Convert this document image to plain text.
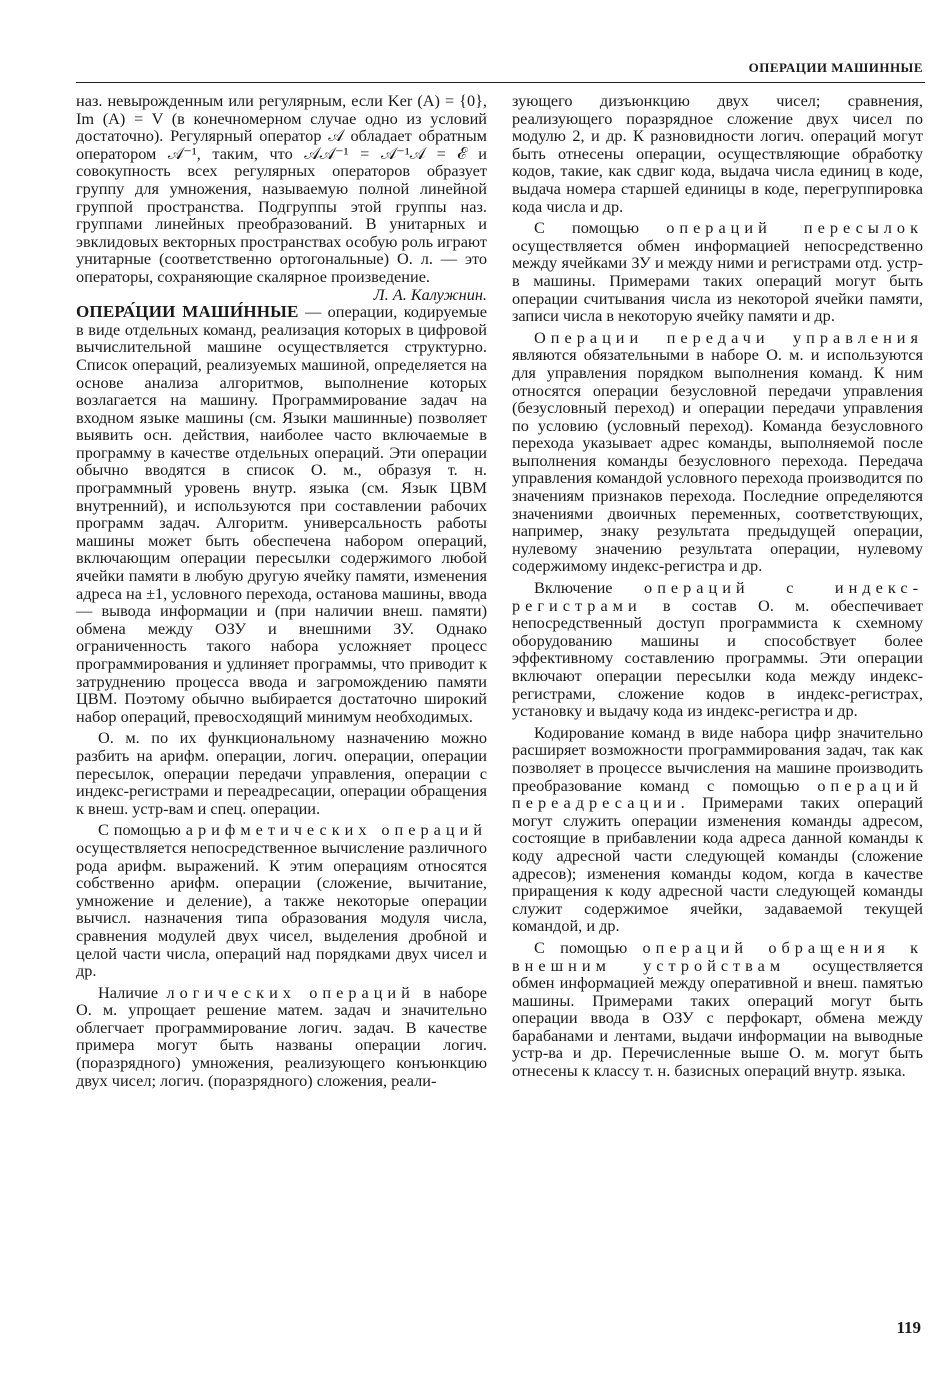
ОПЕРАЦИИ МАШИННЫЕ

наз. невырожденным или регулярным, если Ker (A) = {0}, Im (A) = V (в конечномерном случае одно из условий достаточно). Регулярный оператор 𝒜 обладает обратным оператором 𝒜⁻¹, таким, что 𝒜𝒜⁻¹ = 𝒜⁻¹𝒜 = ℰ и совокупность всех регулярных операторов образует группу для умножения, называемую полной линейной группой пространства. Подгруппы этой группы наз. группами линейных преобразований. В унитарных и эвклидовых векторных пространствах особую роль играют унитарные (соответственно ортогональные) О. л. — это операторы, сохраняющие скалярное произведение.
Л. А. Калужнин.

ОПЕРА́ЦИИ МАШИ́ННЫЕ — операции, кодируемые в виде отдельных команд, реализация которых в цифровой вычислительной машине осуществляется структурно. Список операций, реализуемых машиной, определяется на основе анализа алгоритмов, выполнение которых возлагается на машину. Программирование задач на входном языке машины (см. Языки машинные) позволяет выявить осн. действия, наиболее часто включаемые в программу в качестве отдельных операций. Эти операции обычно вводятся в список О. м., образуя т. н. программный уровень внутр. языка (см. Язык ЦВМ внутренний), и используются при составлении рабочих программ задач. Алгоритм. универсальность работы машины может быть обеспечена набором операций, включающим операции пересылки содержимого любой ячейки памяти в любую другую ячейку памяти, изменения адреса на ±1, условного перехода, останова машины, ввода — вывода информации и (при наличии внеш. памяти) обмена между ОЗУ и внешними ЗУ. Однако ограниченность такого набора усложняет процесс программирования и удлиняет программы, что приводит к затруднению процесса ввода и загромождению памяти ЦВМ. Поэтому обычно выбирается достаточно широкий набор операций, превосходящий минимум необходимых.

О. м. по их функциональному назначению можно разбить на арифм. операции, логич. операции, операции пересылок, операции передачи управления, операции с индекс-регистрами и переадресации, операции обращения к внеш. устр-вам и спец. операции.

С помощью арифметических операций осуществляется непосредственное вычисление различного рода арифм. выражений. К этим операциям относятся собственно арифм. операции (сложение, вычитание, умножение и деление), а также некоторые операции вычисл. назначения типа образования модуля числа, сравнения модулей двух чисел, выделения дробной и целой части числа, операций над порядками двух чисел и др.

Наличие логических операций в наборе О. м. упрощает решение матем. задач и значительно облегчает программирование логич. задач. В качестве примера могут быть названы операции логич. (поразрядного) умножения, реализующего конъюнкцию двух чисел; логич. (поразрядного) сложения, реали-

зующего дизъюнкцию двух чисел; сравнения, реализующего поразрядное сложение двух чисел по модулю 2, и др. К разновидности логич. операций могут быть отнесены операции, осуществляющие обработку кодов, такие, как сдвиг кода, выдача числа единиц в коде, выдача номера старшей единицы в коде, перегруппировка кода числа и др.

С помощью операций пересылок осуществляется обмен информацией непосредственно между ячейками ЗУ и между ними и регистрами отд. устр-в машины. Примерами таких операций могут быть операции считывания числа из некоторой ячейки памяти, записи числа в некоторую ячейку памяти и др.

Операции передачи управления являются обязательными в наборе О. м. и используются для управления порядком выполнения команд. К ним относятся операции безусловной передачи управления (безусловный переход) и операции передачи управления по условию (условный переход). Команда безусловного перехода указывает адрес команды, выполняемой после выполнения команды безусловного перехода. Передача управления командой условного перехода производится по значениям признаков перехода. Последние определяются значениями двоичных переменных, соответствующих, например, знаку результата предыдущей операции, нулевому значению результата операции, нулевому содержимому индекс-регистра и др.

Включение операций с индекс-регистрами в состав О. м. обеспечивает непосредственный доступ программиста к схемному оборудованию машины и способствует более эффективному составлению программы. Эти операции включают операции пересылки кода между индекс-регистрами, сложение кодов в индекс-регистрах, установку и выдачу кода из индекс-регистра и др.

Кодирование команд в виде набора цифр значительно расширяет возможности программирования задач, так как позволяет в процессе вычисления на машине производить преобразование команд с помощью операций переадресации. Примерами таких операций могут служить операции изменения команды адресом, состоящие в прибавлении кода адреса данной команды к коду адресной части следующей команды (сложение адресов); изменения команды кодом, когда в качестве приращения к коду адресной части следующей команды служит содержимое ячейки, задаваемой текущей командой, и др.

С помощью операций обращения к внешним устройствам осуществляется обмен информацией между оперативной и внеш. памятью машины. Примерами таких операций могут быть операции ввода в ОЗУ с перфокарт, обмена между барабанами и лентами, выдачи информации на выводные устр-ва и др. Перечисленные выше О. м. могут быть отнесены к классу т. н. базисных операций внутр. языка.

119
